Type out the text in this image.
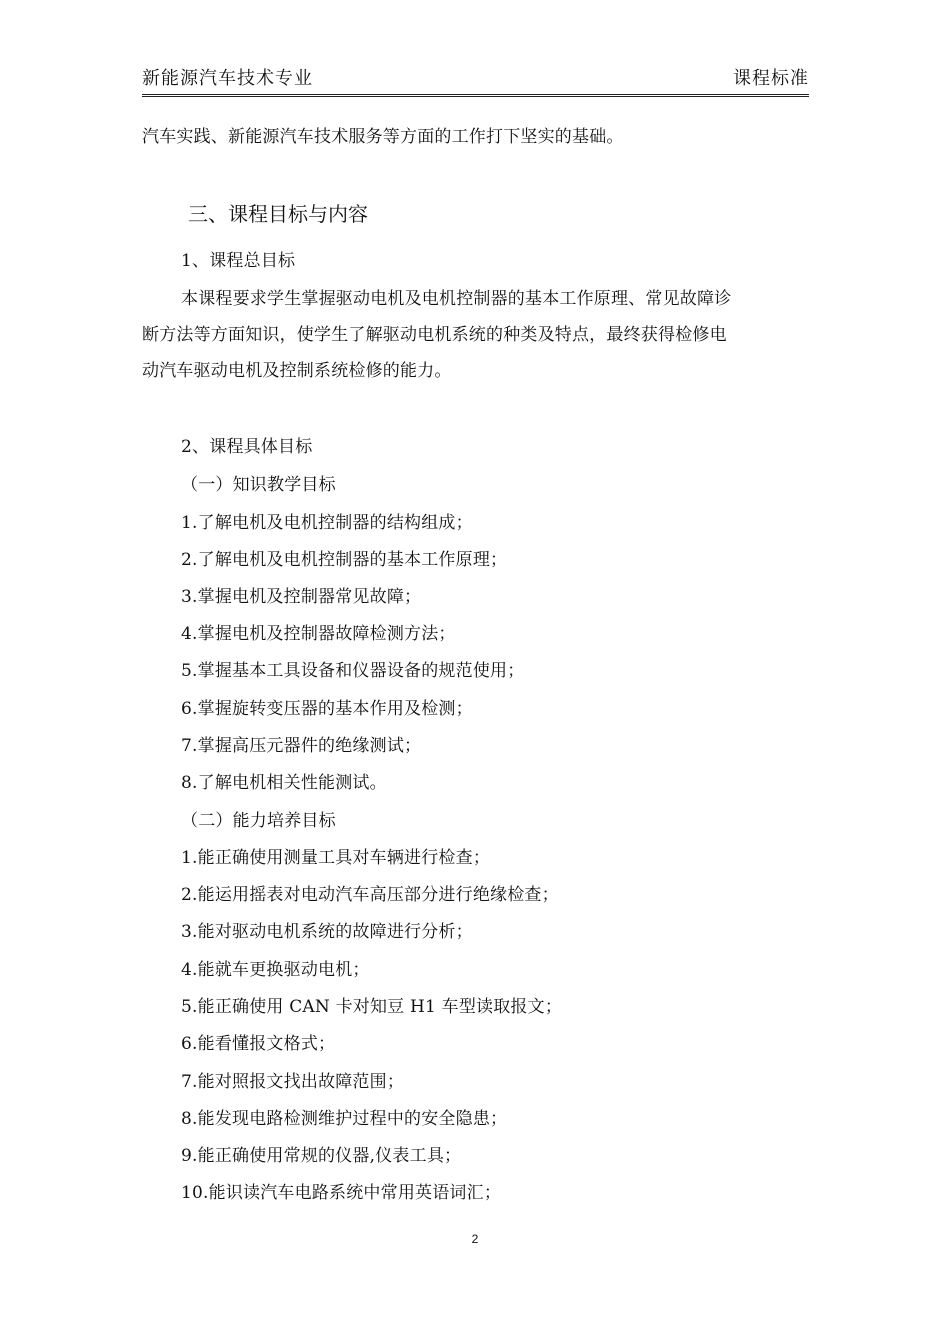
新能源汽车技术专业	课程标准
汽车实践、新能源汽车技术服务等方面的工作打下坚实的基础。
三、课程目标与内容
1、课程总目标
本课程要求学生掌握驱动电机及电机控制器的基本工作原理、常见故障诊
断方法等方面知识，使学生了解驱动电机系统的种类及特点，最终获得检修电
动汽车驱动电机及控制系统检修的能力。
2、课程具体目标
（一）知识教学目标
1.了解电机及电机控制器的结构组成；
2.了解电机及电机控制器的基本工作原理；
3.掌握电机及控制器常见故障；
4.掌握电机及控制器故障检测方法；
5.掌握基本工具设备和仪器设备的规范使用；
6.掌握旋转变压器的基本作用及检测；
7.掌握高压元器件的绝缘测试；
8.了解电机相关性能测试。
（二）能力培养目标
1.能正确使用测量工具对车辆进行检查；
2.能运用摇表对电动汽车高压部分进行绝缘检查；
3.能对驱动电机系统的故障进行分析；
4.能就车更换驱动电机；
5.能正确使用 CAN 卡对知豆 H1 车型读取报文；
6.能看懂报文格式；
7.能对照报文找出故障范围；
8.能发现电路检测维护过程中的安全隐患；
9.能正确使用常规的仪器,仪表工具；
10.能识读汽车电路系统中常用英语词汇；
2
